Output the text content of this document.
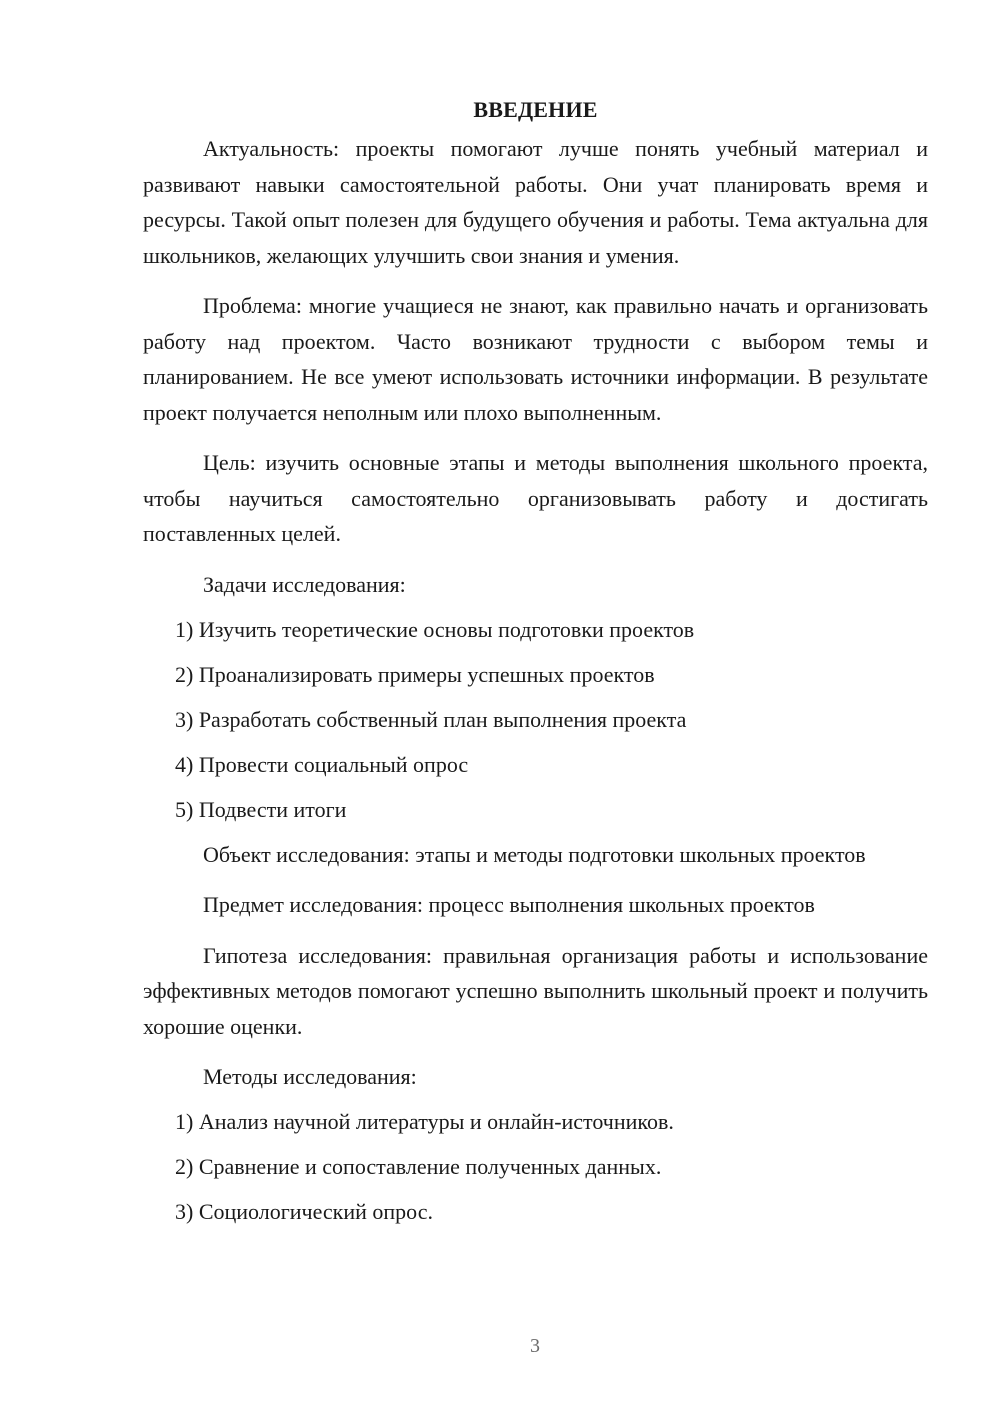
ВВЕДЕНИЕ

Актуальность: проекты помогают лучше понять учебный материал и развивают навыки самостоятельной работы. Они учат планировать время и ресурсы. Такой опыт полезен для будущего обучения и работы. Тема актуальна для школьников, желающих улучшить свои знания и умения.

Проблема: многие учащиеся не знают, как правильно начать и организовать работу над проектом. Часто возникают трудности с выбором темы и планированием. Не все умеют использовать источники информации. В результате проект получается неполным или плохо выполненным.

Цель: изучить основные этапы и методы выполнения школьного проекта, чтобы научиться самостоятельно организовывать работу и достигать поставленных целей.

Задачи исследования:
1) Изучить теоретические основы подготовки проектов
2) Проанализировать примеры успешных проектов
3) Разработать собственный план выполнения проекта
4) Провести социальный опрос
5) Подвести итоги

Объект исследования: этапы и методы подготовки школьных проектов

Предмет исследования: процесс выполнения школьных проектов

Гипотеза исследования: правильная организация работы и использование эффективных методов помогают успешно выполнить школьный проект и получить хорошие оценки.

Методы исследования:
1) Анализ научной литературы и онлайн-источников.
2) Сравнение и сопоставление полученных данных.
3) Социологический опрос.
3
